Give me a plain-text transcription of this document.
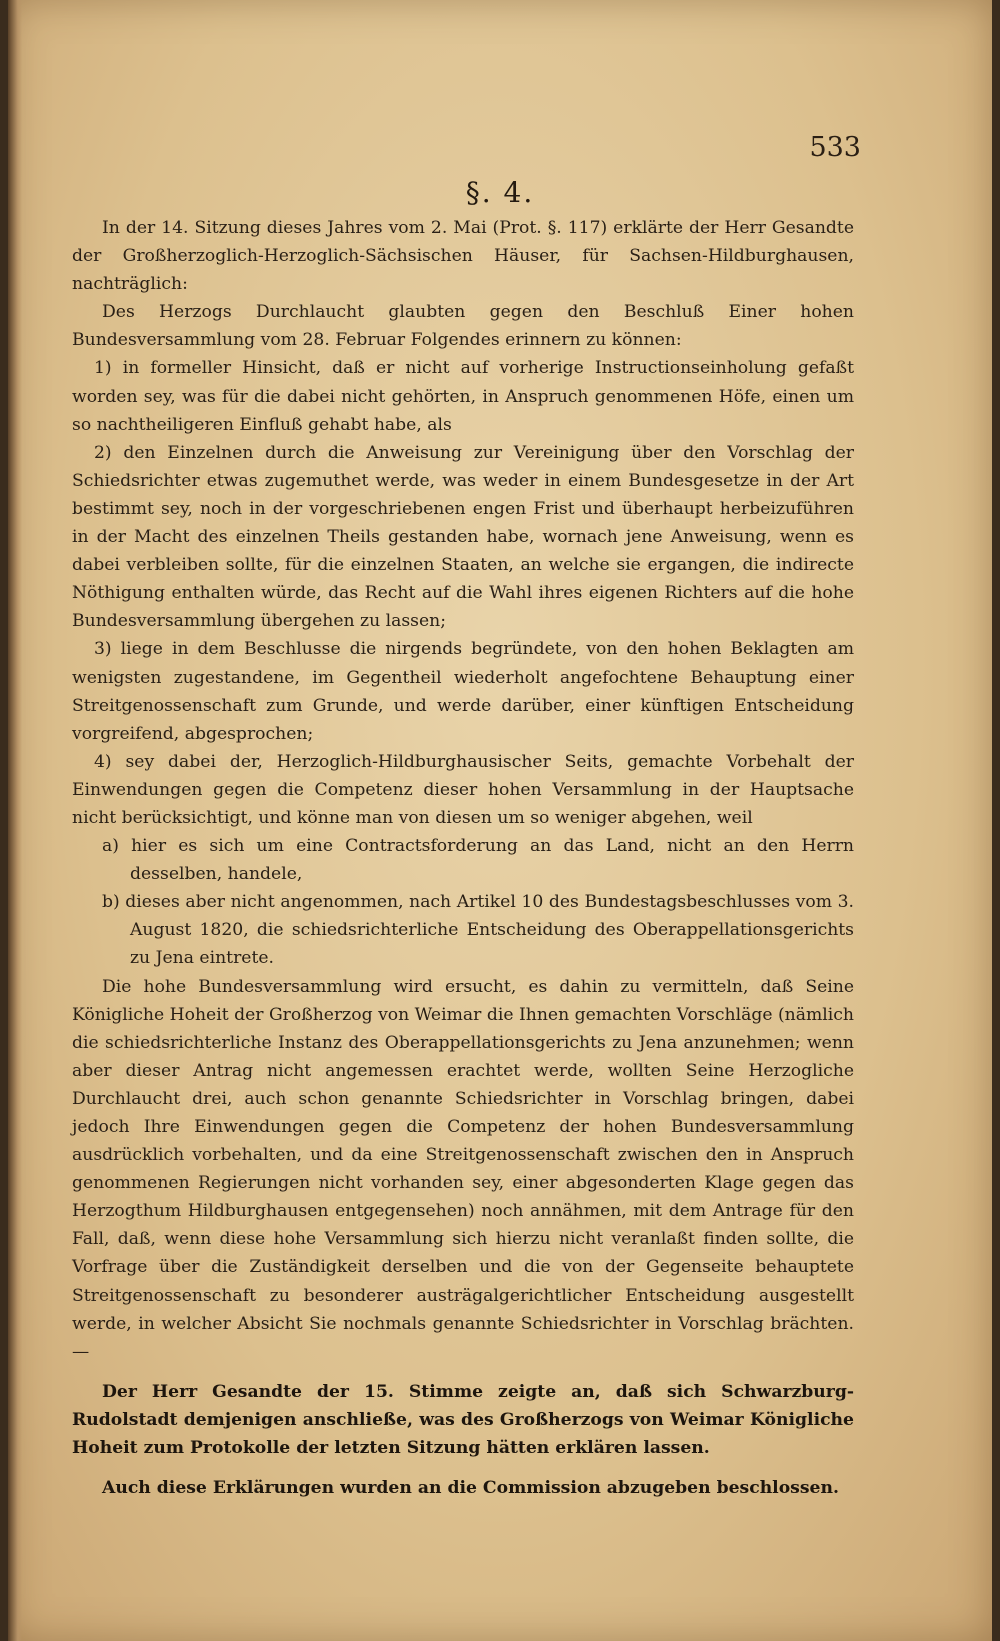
533
§. 4.

In der 14. Sitzung dieses Jahres vom 2. Mai (Prot. §. 117) erklärte der Herr Gesandte der Großherzoglich-Herzoglich-Sächsischen Häuser, für Sachsen-Hildburghausen, nachträglich:

Des Herzogs Durchlaucht glaubten gegen den Beschluß Einer hohen Bundesversammlung vom 28. Februar Folgendes erinnern zu können:

1) in formeller Hinsicht, daß er nicht auf vorherige Instructionseinholung gefaßt worden sey, was für die dabei nicht gehörten, in Anspruch genommenen Höfe, einen um so nachtheiligeren Einfluß gehabt habe, als

2) den Einzelnen durch die Anweisung zur Vereinigung über den Vorschlag der Schiedsrichter etwas zugemuthet werde, was weder in einem Bundesgesetze in der Art bestimmt sey, noch in der vorgeschriebenen engen Frist und überhaupt herbeizuführen in der Macht des einzelnen Theils gestanden habe, wornach jene Anweisung, wenn es dabei verbleiben sollte, für die einzelnen Staaten, an welche sie ergangen, die indirecte Nöthigung enthalten würde, das Recht auf die Wahl ihres eigenen Richters auf die hohe Bundesversammlung übergehen zu lassen;

3) liege in dem Beschlusse die nirgends begründete, von den hohen Beklagten am wenigsten zugestandene, im Gegentheil wiederholt angefochtene Behauptung einer Streitgenossenschaft zum Grunde, und werde darüber, einer künftigen Entscheidung vorgreifend, abgesprochen;

4) sey dabei der, Herzoglich-Hildburghausischer Seits, gemachte Vorbehalt der Einwendungen gegen die Competenz dieser hohen Versammlung in der Hauptsache nicht berücksichtigt, und könne man von diesen um so weniger abgehen, weil

a) hier es sich um eine Contractsforderung an das Land, nicht an den Herrn desselben, handele,

b) dieses aber nicht angenommen, nach Artikel 10 des Bundestagsbeschlusses vom 3. August 1820, die schiedsrichterliche Entscheidung des Oberappellationsgerichts zu Jena eintrete.

Die hohe Bundesversammlung wird ersucht, es dahin zu vermitteln, daß Seine Königliche Hoheit der Großherzog von Weimar die Ihnen gemachten Vorschläge (nämlich die schiedsrichterliche Instanz des Oberappellationsgerichts zu Jena anzunehmen; wenn aber dieser Antrag nicht angemessen erachtet werde, wollten Seine Herzogliche Durchlaucht drei, auch schon genannte Schiedsrichter in Vorschlag bringen, dabei jedoch Ihre Einwendungen gegen die Competenz der hohen Bundesversammlung ausdrücklich vorbehalten, und da eine Streitgenossenschaft zwischen den in Anspruch genommenen Regierungen nicht vorhanden sey, einer abgesonderten Klage gegen das Herzogthum Hildburghausen entgegensehen) noch annähmen, mit dem Antrage für den Fall, daß, wenn diese hohe Versammlung sich hierzu nicht veranlaßt finden sollte, die Vorfrage über die Zuständigkeit derselben und die von der Gegenseite behauptete Streitgenossenschaft zu besonderer austrägalgerichtlicher Entscheidung ausgestellt werde, in welcher Absicht Sie nochmals genannte Schiedsrichter in Vorschlag brächten. —

Der Herr Gesandte der 15. Stimme zeigte an, daß sich Schwarzburg-Rudolstadt demjenigen anschließe, was des Großherzogs von Weimar Königliche Hoheit zum Protokolle der letzten Sitzung hätten erklären lassen.

Auch diese Erklärungen wurden an die Commission abzugeben beschlossen.
